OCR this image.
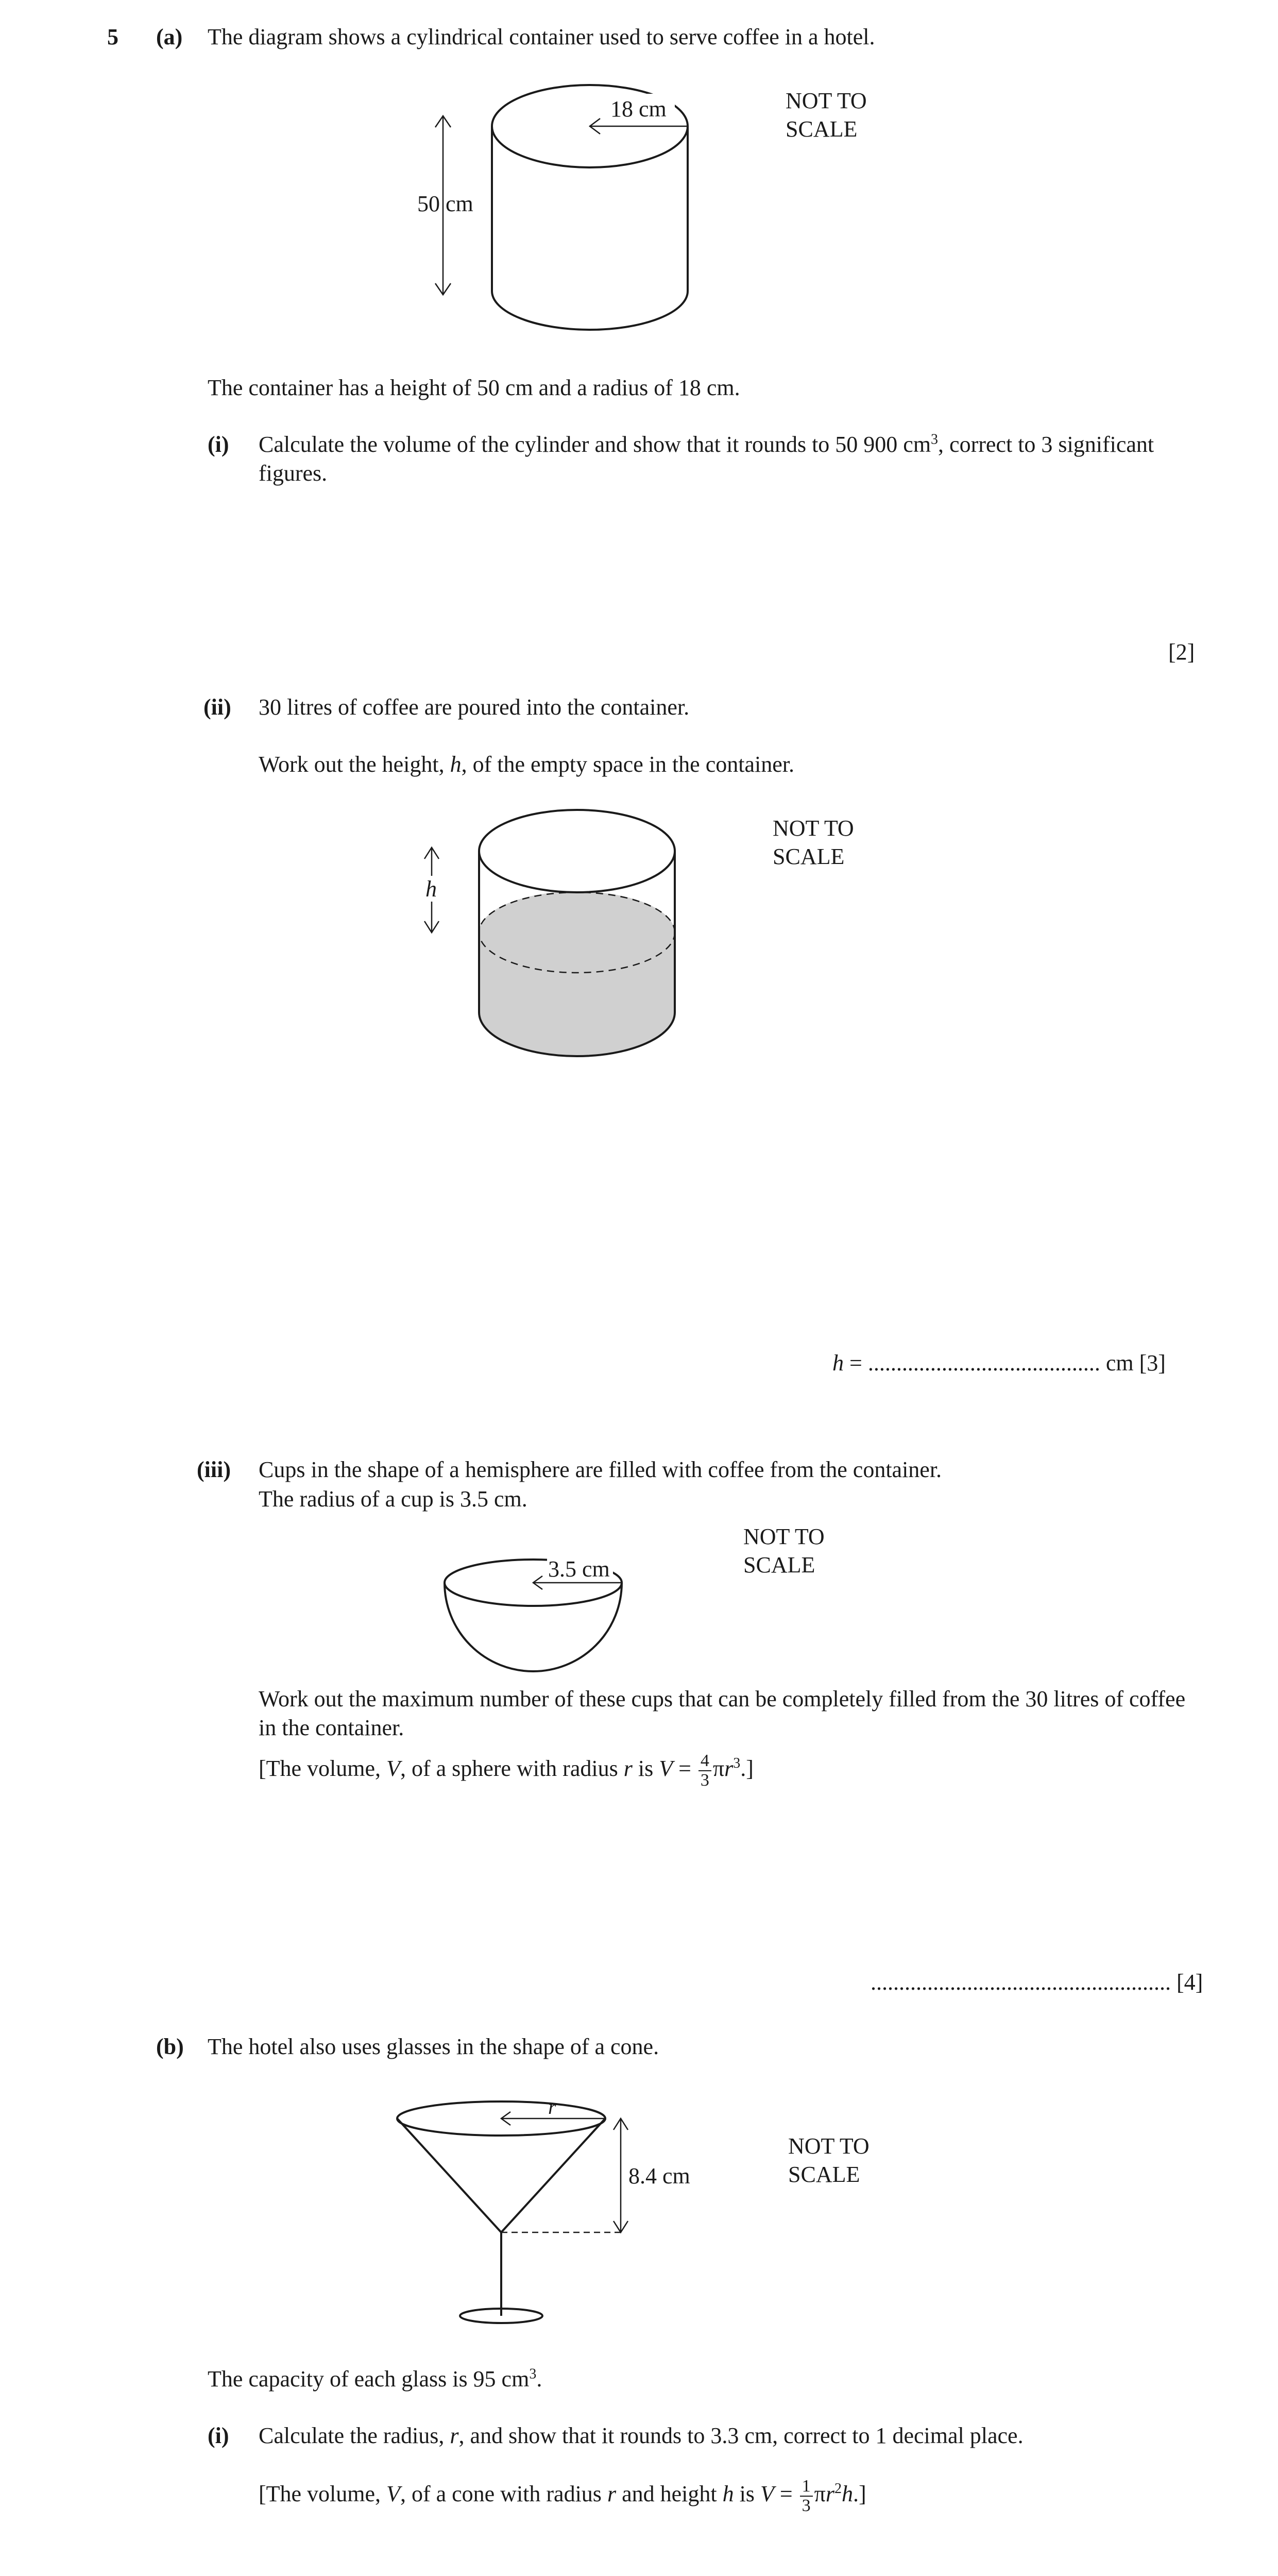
5 (a) The diagram shows a cylindrical container used to serve coffee in a hotel.
18 cm
50 cm
NOT TO
SCALE
The container has a height of 50 cm and a radius of 18 cm.
(i) Calculate the volume of the cylinder and show that it rounds to 50 900 $cm^3$, correct to 3 significant figures.
[2]
(ii) 30 litres of coffee are poured into the container.
Work out the height, h, of the empty space in the container.
h
NOT TO
SCALE
h = ......................................... cm [3]
(iii) Cups in the shape of a hemisphere are filled with coffee from the container.
The radius of a cup is 3.5 cm.
3.5 cm
NOT TO
SCALE
Work out the maximum number of these cups that can be completely filled from the 30 litres of coffee in the container.
[The volume, V, of a sphere with radius r is $V = \frac{4}{3} \pi r^3$.]
..................................................... [4]
(b) The hotel also uses glasses in the shape of a cone.
r
8.4 cm
NOT TO
SCALE
The capacity of each glass is 95 $cm^3$.
(i) Calculate the radius, r, and show that it rounds to 3.3 cm, correct to 1 decimal place.
[The volume, V, of a cone with radius r and height h is $V = \frac{1}{3} \pi r^2h$.]
